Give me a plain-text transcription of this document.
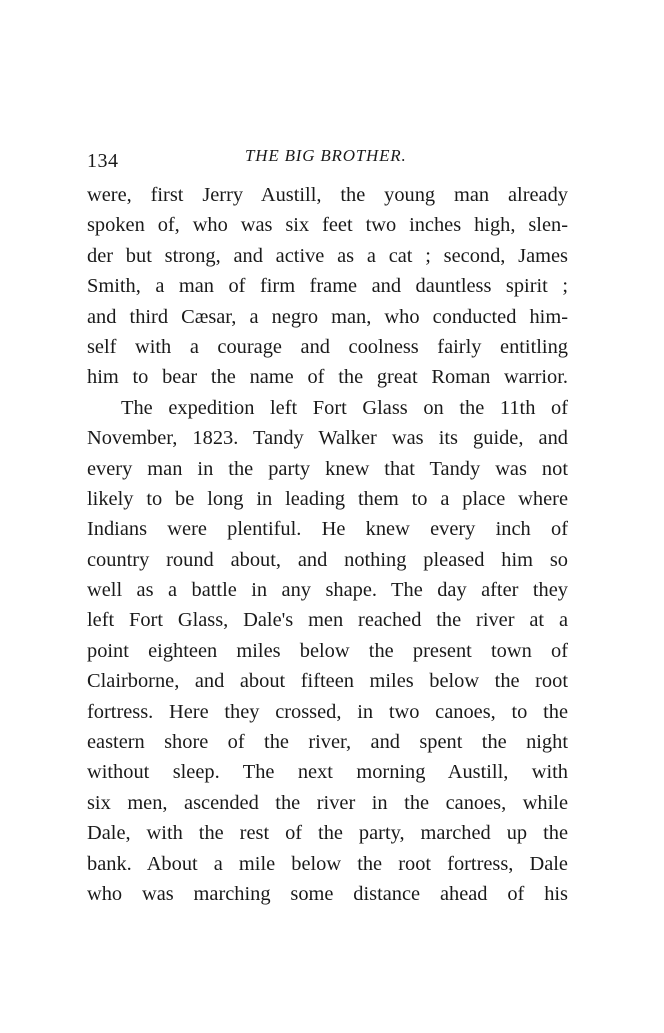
134	THE BIG BROTHER.
were, first Jerry Austill, the young man already
spoken of, who was six feet two inches high, slen-
der but strong, and active as a cat ; second, James
Smith, a man of firm frame and dauntless spirit ;
and third Cæsar, a negro man, who conducted him-
self with a courage and coolness fairly entitling
him to bear the name of the great Roman warrior.
The expedition left Fort Glass on the 11th of
November, 1823. Tandy Walker was its guide, and
every man in the party knew that Tandy was not
likely to be long in leading them to a place where
Indians were plentiful. He knew every inch of
country round about, and nothing pleased him so
well as a battle in any shape. The day after they
left Fort Glass, Dale's men reached the river at a
point eighteen miles below the present town of
Clairborne, and about fifteen miles below the root
fortress. Here they crossed, in two canoes, to the
eastern shore of the river, and spent the night
without sleep. The next morning Austill, with
six men, ascended the river in the canoes, while
Dale, with the rest of the party, marched up the
bank. About a mile below the root fortress, Dale
who was marching some distance ahead of his
